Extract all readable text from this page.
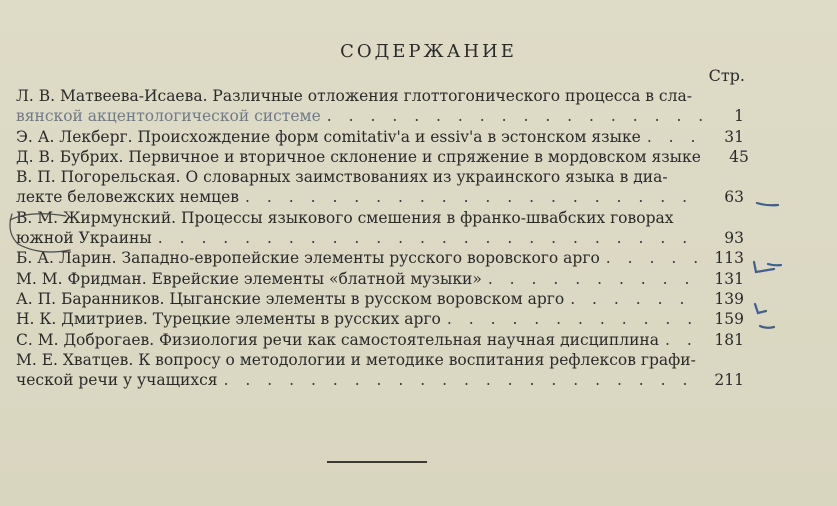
СОДЕРЖАНИЕ
Стр.
Л. В. Матвеева-Исаева. Различные отложения глоттогонического процесса в сла-
вянской акцентологической системе . . .	1
Э. А. Лекберг. Происхождение форм comitativ'a и essiv'a в эстонском языке . . .	31
Д. В. Бубрих. Первичное и вторичное склонение и спряжение в мордовском языке	45
В. П. Погорельская. О словарных заимствованиях из украинского языка в диа-
лекте беловежских немцев . . .	63
В. М. Жирмунский. Процессы языкового смешения в франко-швабских говорах
южной Украины . . .	93
Б. А. Ларин. Западно-европейские элементы русского воровского арго . . .	113
М. М. Фридман. Еврейские элементы «блатной музыки» . . .	131
А. П. Баранников. Цыганские элементы в русском воровском арго . . .	139
Н. К. Дмитриев. Турецкие элементы в русских арго . . .	159
С. М. Доброгаев. Физиология речи как самостоятельная научная дисциплина . . .	181
М. Е. Хватцев. К вопросу о методологии и методике воспитания рефлексов графи-
ческой речи у учащихся . . .	211
